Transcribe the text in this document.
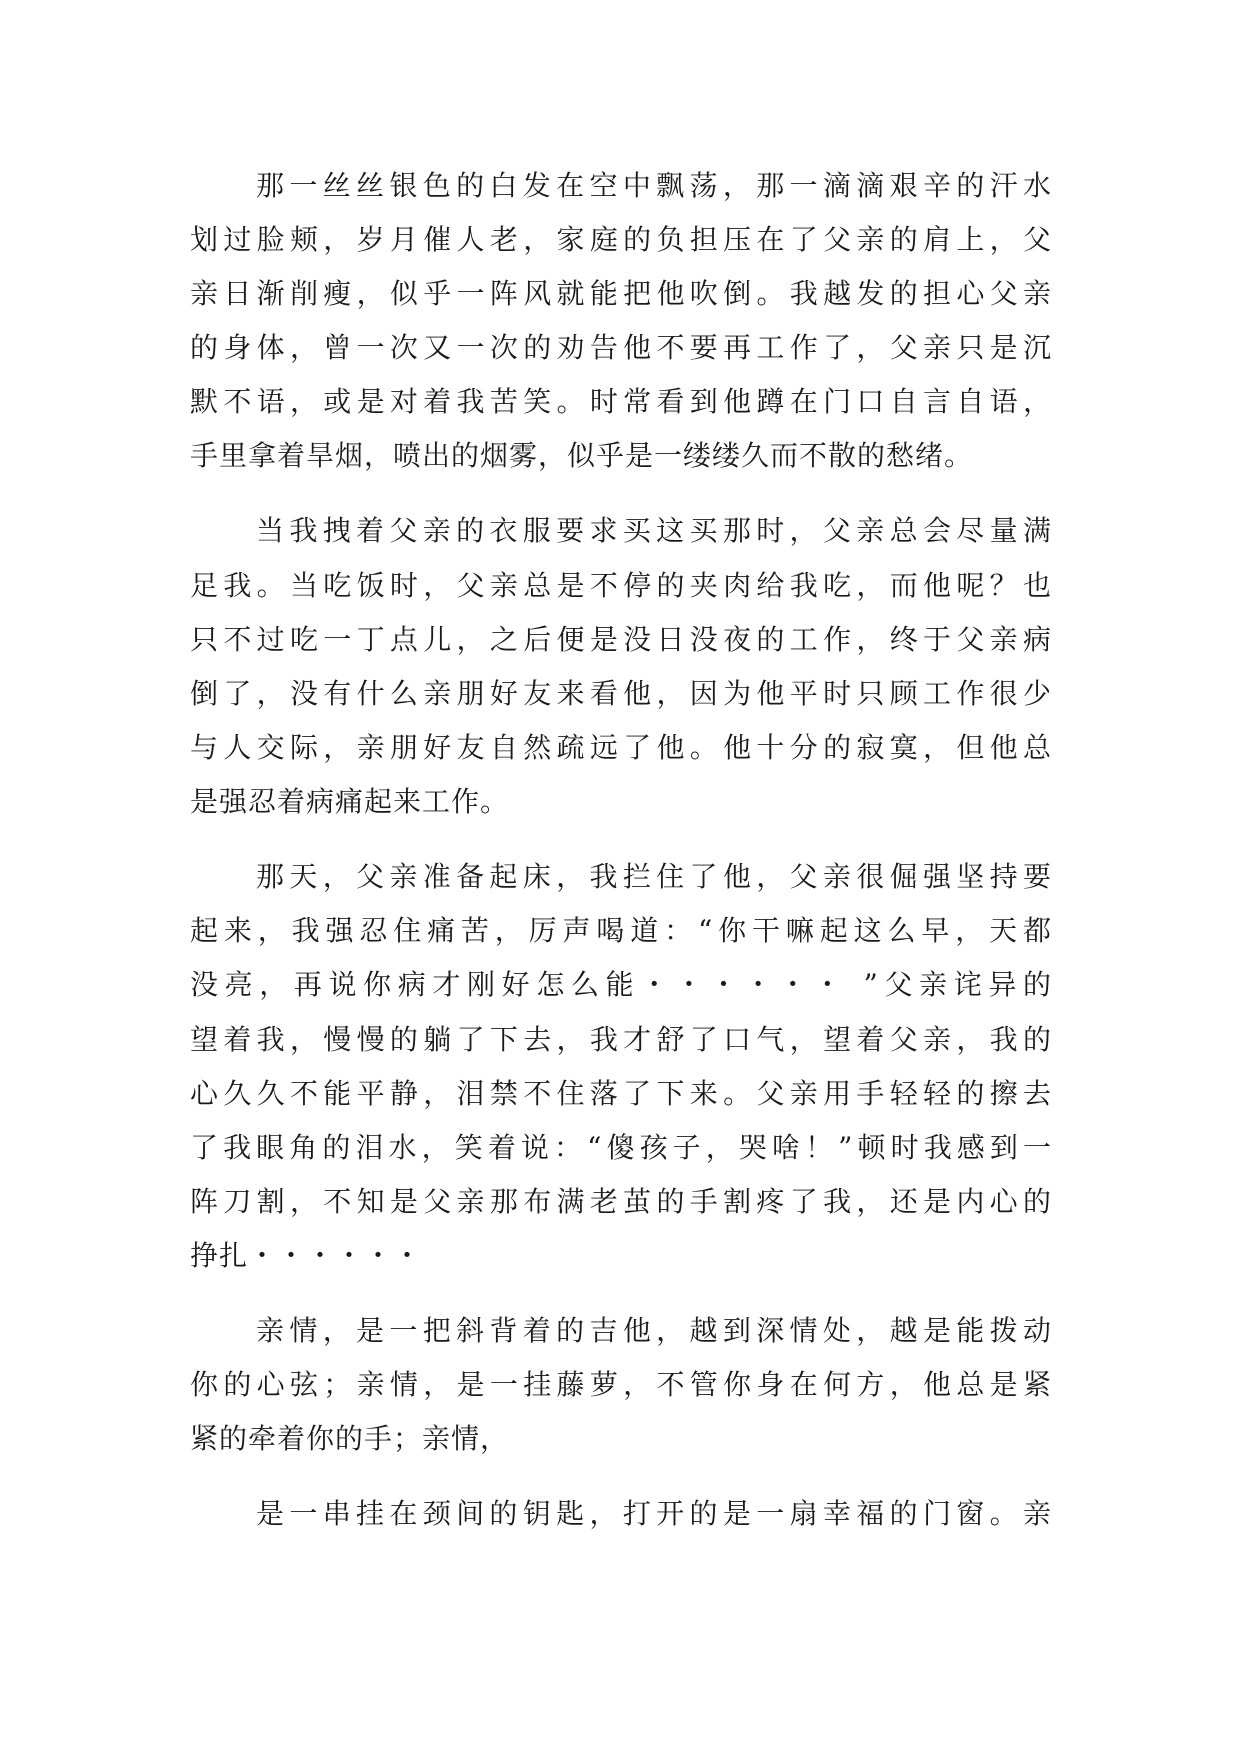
那一丝丝银色的白发在空中飘荡，那一滴滴艰辛的汗水
划过脸颊，岁月催人老，家庭的负担压在了父亲的肩上，父
亲日渐削瘦，似乎一阵风就能把他吹倒。我越发的担心父亲
的身体，曾一次又一次的劝告他不要再工作了，父亲只是沉
默不语，或是对着我苦笑。时常看到他蹲在门口自言自语，
手里拿着旱烟，喷出的烟雾，似乎是一缕缕久而不散的愁绪。
当我拽着父亲的衣服要求买这买那时，父亲总会尽量满
足我。当吃饭时，父亲总是不停的夹肉给我吃，而他呢？也
只不过吃一丁点儿，之后便是没日没夜的工作，终于父亲病
倒了，没有什么亲朋好友来看他，因为他平时只顾工作很少
与人交际，亲朋好友自然疏远了他。他十分的寂寞，但他总
是强忍着病痛起来工作。
那天，父亲准备起床，我拦住了他，父亲很倔强坚持要
起来，我强忍住痛苦，厉声喝道：“你干嘛起这么早，天都
没亮，再说你病才刚好怎么能・・・・・・ ”父亲诧异的
望着我，慢慢的躺了下去，我才舒了口气，望着父亲，我的
心久久不能平静，泪禁不住落了下来。父亲用手轻轻的擦去
了我眼角的泪水，笑着说：“傻孩子，哭啥！”顿时我感到一
阵刀割，不知是父亲那布满老茧的手割疼了我，还是内心的
挣扎・・・・・・
亲情，是一把斜背着的吉他，越到深情处，越是能拨动
你的心弦；亲情，是一挂藤萝，不管你身在何方，他总是紧
紧的牵着你的手；亲情，
是一串挂在颈间的钥匙，打开的是一扇幸福的门窗。亲
